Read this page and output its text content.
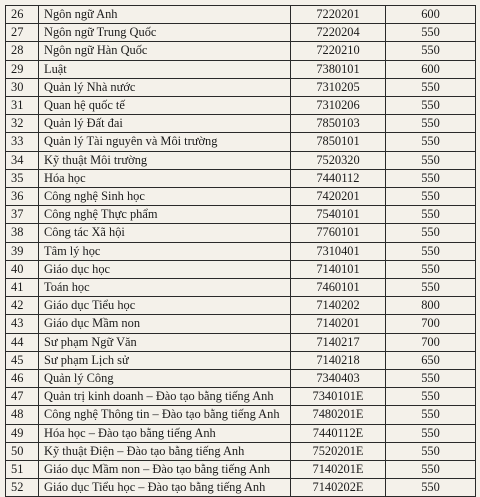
26	Ngôn ngữ Anh	7220201	600
27	Ngôn ngữ Trung Quốc	7220204	550
28	Ngôn ngữ Hàn Quốc	7220210	550
29	Luật	7380101	600
30	Quản lý Nhà nước	7310205	550
31	Quan hệ quốc tế	7310206	550
32	Quản lý Đất đai	7850103	550
33	Quản lý Tài nguyên và Môi trường	7850101	550
34	Kỹ thuật Môi trường	7520320	550
35	Hóa học	7440112	550
36	Công nghệ Sinh học	7420201	550
37	Công nghệ Thực phẩm	7540101	550
38	Công tác Xã hội	7760101	550
39	Tâm lý học	7310401	550
40	Giáo dục học	7140101	550
41	Toán học	7460101	550
42	Giáo dục Tiểu học	7140202	800
43	Giáo dục Mầm non	7140201	700
44	Sư phạm Ngữ Văn	7140217	700
45	Sư phạm Lịch sử	7140218	650
46	Quản lý Công	7340403	550
47	Quản trị kinh doanh – Đào tạo bằng tiếng Anh	7340101E	550
48	Công nghệ Thông tin – Đào tạo bằng tiếng Anh	7480201E	550
49	Hóa học – Đào tạo bằng tiếng Anh	7440112E	550
50	Kỹ thuật Điện – Đào tạo bằng tiếng Anh	7520201E	550
51	Giáo dục Mầm non – Đào tạo bằng tiếng Anh	7140201E	550
52	Giáo dục Tiểu học – Đào tạo bằng tiếng Anh	7140202E	550
